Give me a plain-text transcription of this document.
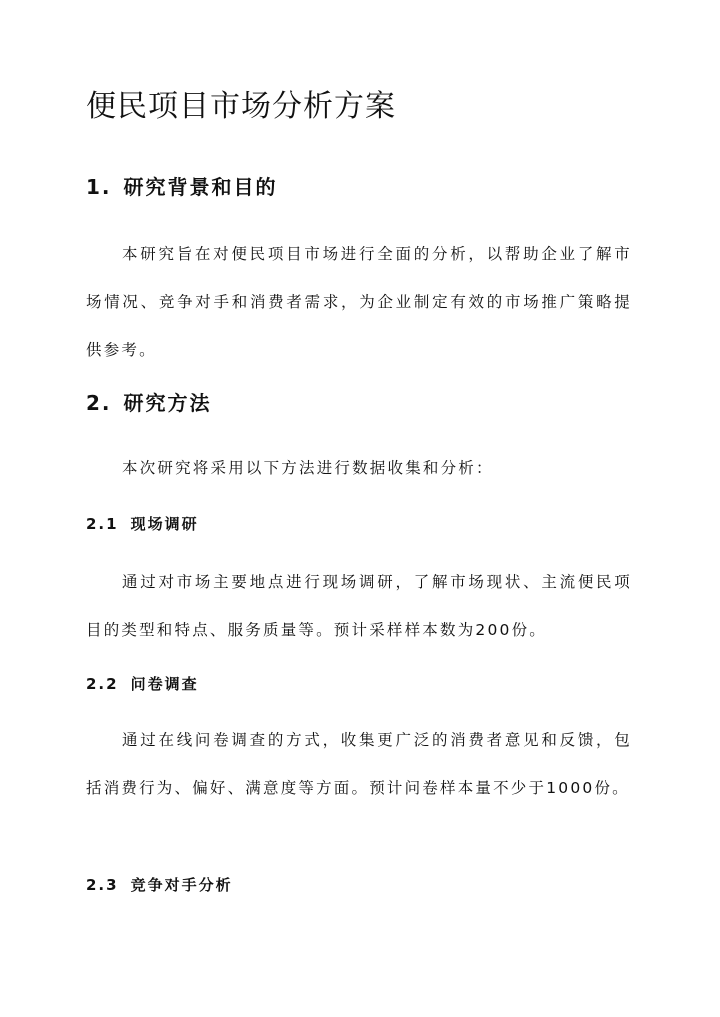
便民项目市场分析方案
1. 研究背景和目的

本研究旨在对便民项目市场进行全面的分析，以帮助企业了解市场情况、竞争对手和消费者需求，为企业制定有效的市场推广策略提供参考。

2. 研究方法

本次研究将采用以下方法进行数据收集和分析：

2.1 现场调研

通过对市场主要地点进行现场调研，了解市场现状、主流便民项目的类型和特点、服务质量等。预计采样样本数为200份。

2.2 问卷调查

通过在线问卷调查的方式，收集更广泛的消费者意见和反馈，包括消费行为、偏好、满意度等方面。预计问卷样本量不少于1000份。

2.3 竞争对手分析
